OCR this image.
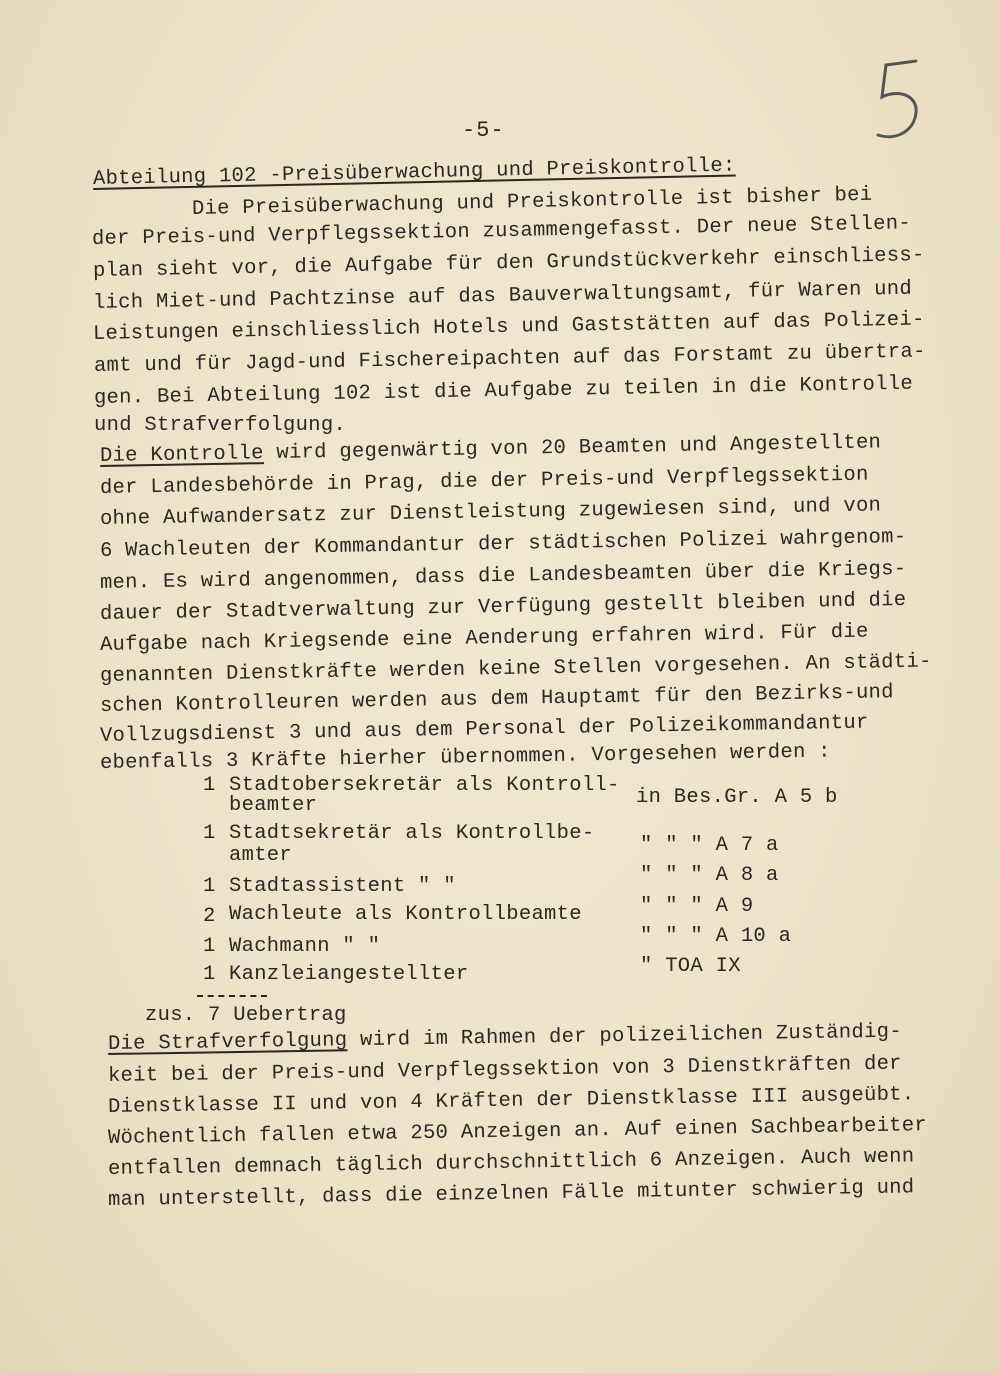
-5-
Abteilung 102 -Preisüberwachung und Preiskontrolle:
Die Preisüberwachung und Preiskontrolle ist bisher bei
der Preis-und Verpflegssektion zusammengefasst. Der neue Stellen-
plan sieht vor, die Aufgabe für den Grundstückverkehr einschliess-
lich Miet-und Pachtzinse auf das Bauverwaltungsamt, für Waren und
Leistungen einschliesslich Hotels und Gaststätten auf das Polizei-
amt und für Jagd-und Fischereipachten auf das Forstamt zu übertra-
gen. Bei Abteilung 102 ist die Aufgabe zu teilen in die Kontrolle
und Strafverfolgung.
Die Kontrolle wird gegenwärtig von 20 Beamten und Angestellten
der Landesbehörde in Prag, die der Preis-und Verpflegssektion
ohne Aufwandersatz zur Dienstleistung zugewiesen sind, und von
6 Wachleuten der Kommandantur der städtischen Polizei wahrgenom-
men. Es wird angenommen, dass die Landesbeamten über die Kriegs-
dauer der Stadtverwaltung zur Verfügung gestellt bleiben und die
Aufgabe nach Kriegsende eine Aenderung erfahren wird. Für die
genannten Dienstkräfte werden keine Stellen vorgesehen. An städti-
schen Kontrolleuren werden aus dem Hauptamt für den Bezirks-und
Vollzugsdienst 3 und aus dem Personal der Polizeikommandantur
ebenfalls 3 Kräfte hierher übernommen. Vorgesehen werden :
1 Stadtobersekretär als Kontroll-
beamter	in Bes.Gr. A 5 b
1 Stadtsekretär als Kontrollbe-
amter	" " " A 7 a
1 Stadtassistent " "	" " " A 8 a
2 Wachleute als Kontrollbeamte	" " " A 9
1 Wachmann " "	" " " A 10 a
1 Kanzleiangestellter	" TOA IX
zus. 7 Uebertrag
Die Strafverfolgung wird im Rahmen der polizeilichen Zuständig-
keit bei der Preis-und Verpflegssektion von 3 Dienstkräften der
Dienstklasse II und von 4 Kräften der Dienstklasse III ausgeübt.
Wöchentlich fallen etwa 250 Anzeigen an. Auf einen Sachbearbeiter
entfallen demnach täglich durchschnittlich 6 Anzeigen. Auch wenn
man unterstellt, dass die einzelnen Fälle mitunter schwierig und
